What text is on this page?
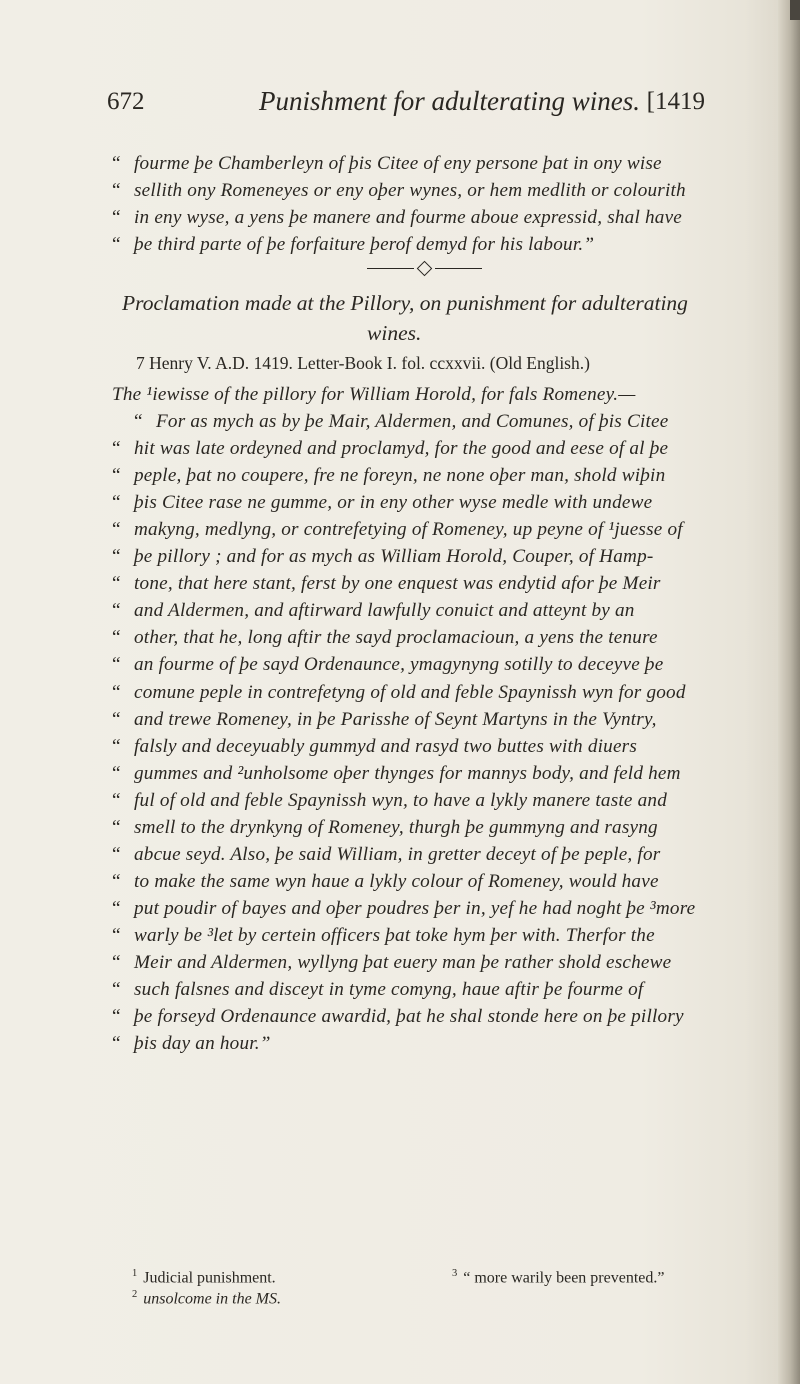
672	Punishment for adulterating wines. [1419
“ fourme þe Chamberleyn of þis Citee of eny persone þat in ony wise
“ sellith ony Romeneyes or eny oþer wynes, or hem medlith or colourith
“ in eny wyse, a yens þe manere and fourme aboue expressid, shal have
“ þe third parte of þe forfaiture þerof demyd for his labour.”
Proclamation made at the Pillory, on punishment for adulterating
wines.
7 Henry V. A.D. 1419. Letter-Book I. fol. ccxxvii. (Old English.)
The ¹iewisse of the pillory for William Horold, for fals Romeney.—
“ For as mych as by þe Mair, Aldermen, and Comunes, of þis Citee
“ hit was late ordeyned and proclamyd, for the good and eese of al þe
“ peple, þat no coupere, fre ne foreyn, ne none oþer man, shold wiþin
“ þis Citee rase ne gumme, or in eny other wyse medle with undewe
“ makyng, medlyng, or contrefetying of Romeney, up peyne of ¹juesse of
“ þe pillory ; and for as mych as William Horold, Couper, of Hamp-
“ tone, that here stant, ferst by one enquest was endytid afor þe Meir
“ and Aldermen, and aftirward lawfully conuict and atteynt by an
“ other, that he, long aftir the sayd proclamacioun, a yens the tenure
“ an fourme of þe sayd Ordenaunce, ymagynyng sotilly to deceyve þe
“ comune peple in contrefetyng of old and feble Spaynissh wyn for good
“ and trewe Romeney, in þe Parisshe of Seynt Martyns in the Vyntry,
“ falsly and deceyuably gummyd and rasyd two buttes with diuers
“ gummes and ²unholsome oþer thynges for mannys body, and feld hem
“ ful of old and feble Spaynissh wyn, to have a lykly manere taste and
“ smell to the drynkyng of Romeney, thurgh þe gummyng and rasyng
“ abcue seyd. Also, þe said William, in gretter deceyt of þe peple, for
“ to make the same wyn haue a lykly colour of Romeney, would have
“ put poudir of bayes and oþer poudres þer in, yef he had noght þe ³more
“ warly be ³let by certein officers þat toke hym þer with. Therfor the
“ Meir and Aldermen, wyllyng þat euery man þe rather shold eschewe
“ such falsnes and disceyt in tyme comyng, haue aftir þe fourme of
“ þe forseyd Ordenaunce awardid, þat he shal stonde here on þe pillory
“ þis day an hour.”
$^1$ Judicial punishment.
$^2$ unsolcome in the MS.
$^3$ “ more warily been prevented.”
